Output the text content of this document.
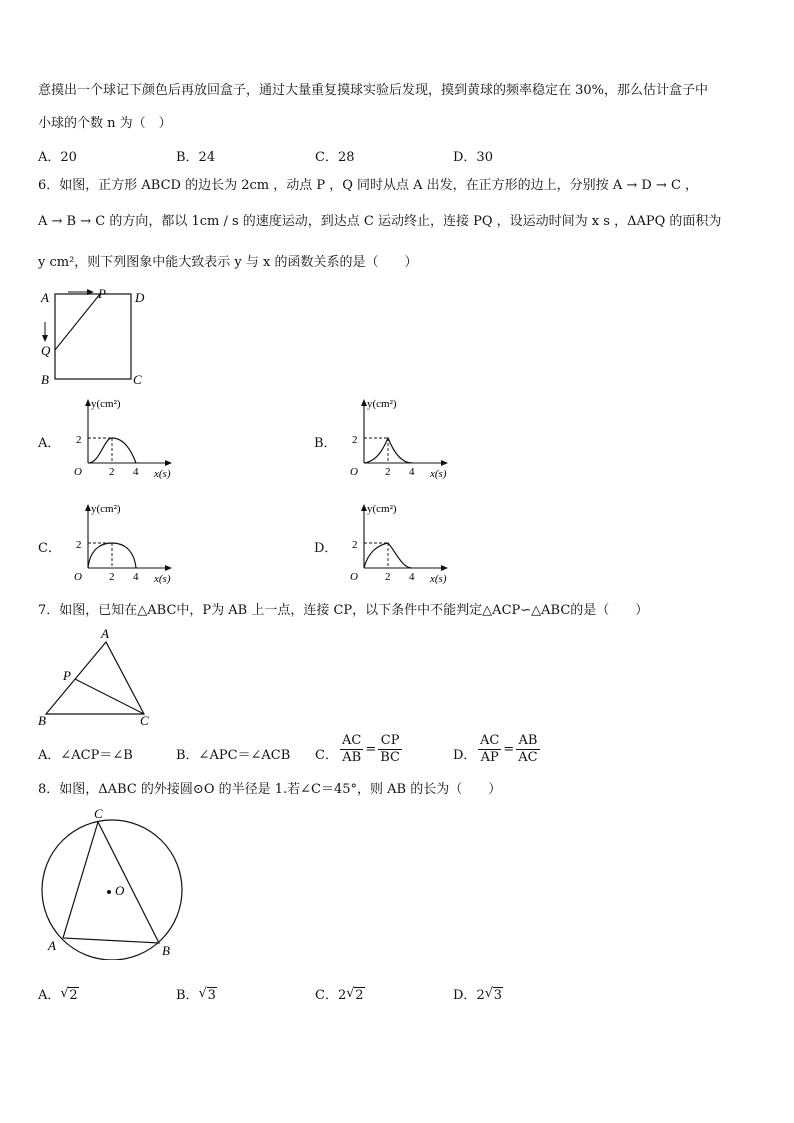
意摸出一个球记下颜色后再放回盒子，通过大量重复摸球实验后发现，摸到黄球的频率稳定在 30%，那么估计盒子中
小球的个数 n 为（　）
A．20	B．24	C．28	D．30
6．如图，正方形 ABCD 的边长为 2cm ，动点 P ，Q 同时从点 A 出发，在正方形的边上，分别按 A → D → C ，
A → B → C 的方向，都以 1cm / s 的速度运动，到达点 C 运动终止，连接 PQ ，设运动时间为 x s ，ΔAPQ 的面积为
y cm²，则下列图象中能大致表示 y 与 x 的函数关系的是（　　）
A	P D
Q
B	C
A．	B．
C．	D．
y(cm²)
2
O 2 4 x(s)
y(cm²)
2
O 2 4 x(s)
y(cm²)
2
O 2 4 x(s)
y(cm²)
2
O 2 4 x(s)
7．如图，已知在△ABC中，P为 AB 上一点，连接 CP，以下条件中不能判定△ACP∽△ABC的是（　　）
A
P
B	C
A．∠ACP＝∠B	B．∠APC＝∠ACB C． $\frac{AC}{AB} = \frac{CP}{BC}$	D． $\frac{AC}{AP} = \frac{AB}{AC}$
8．如图，ΔABC 的外接圆⊙O 的半径是 1.若∠C＝45°，则 AB 的长为（　　）
C
O
A	B
A． √ 2	B． √ 3	C．2 √ 2	D．2 √ 3
